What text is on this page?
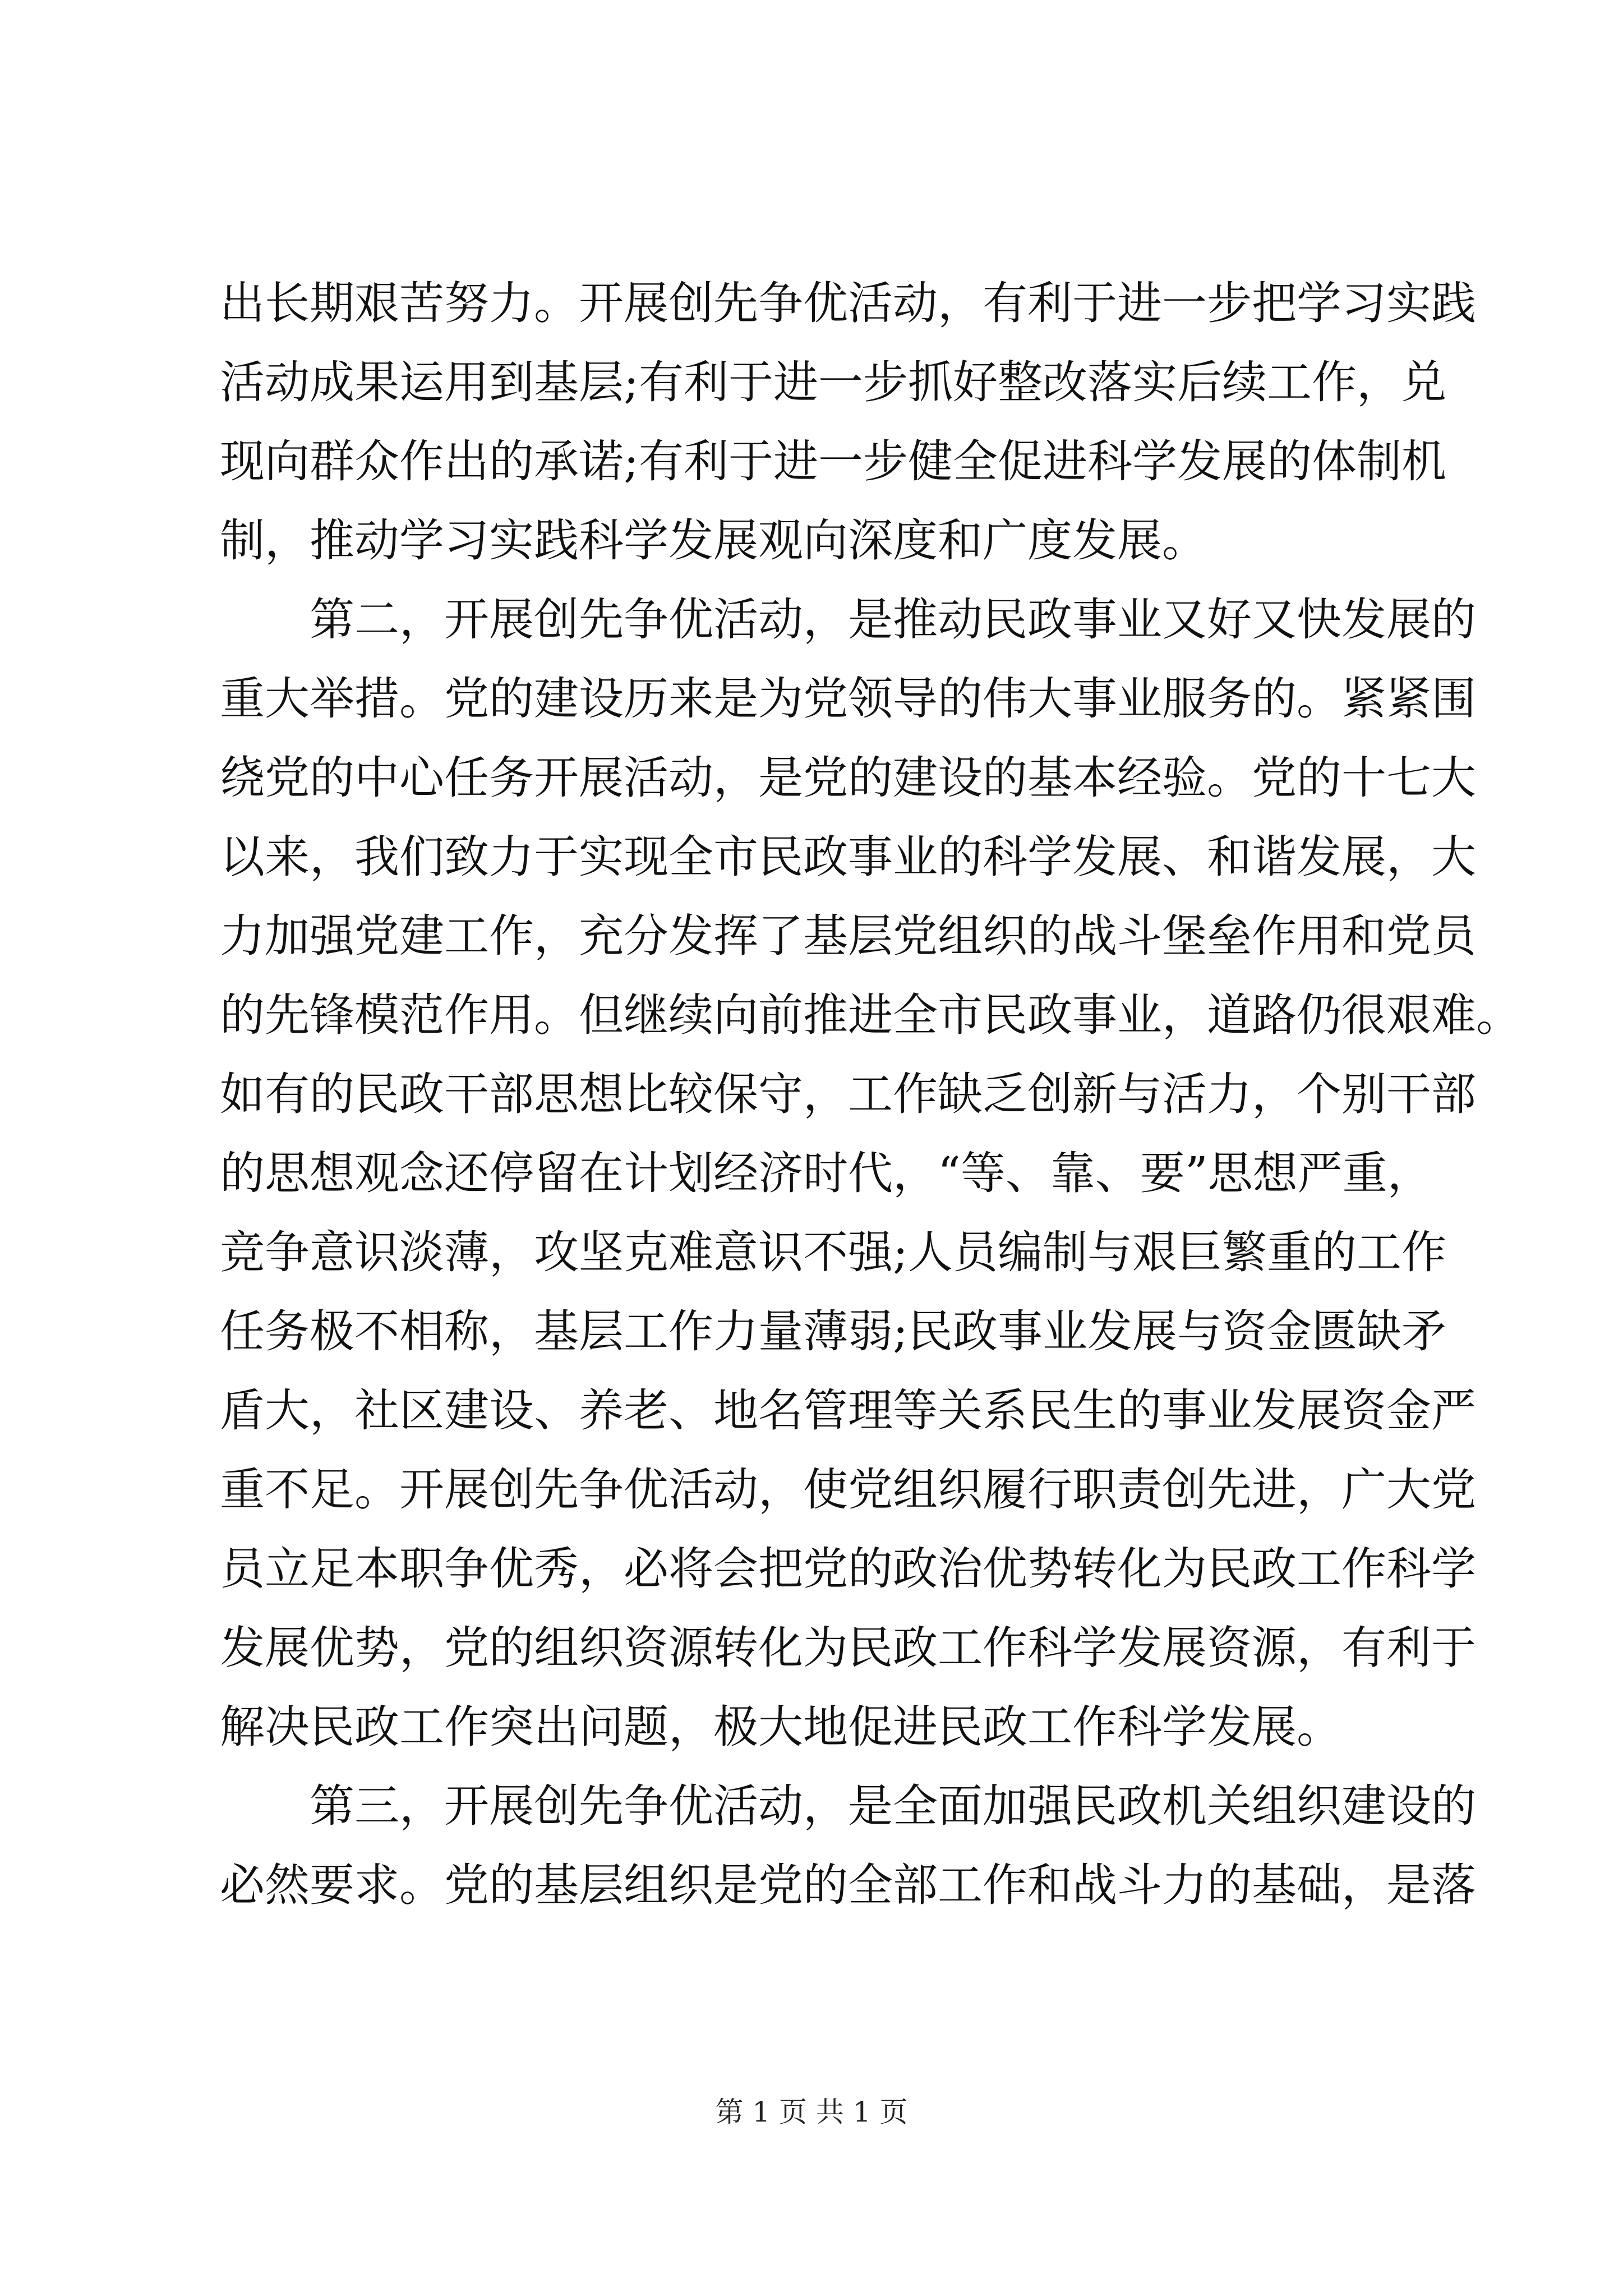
出长期艰苦努力。开展创先争优活动，有利于进一步把学习实践
活动成果运用到基层;有利于进一步抓好整改落实后续工作，兑
现向群众作出的承诺;有利于进一步健全促进科学发展的体制机
制，推动学习实践科学发展观向深度和广度发展。
　　第二，开展创先争优活动，是推动民政事业又好又快发展的
重大举措。党的建设历来是为党领导的伟大事业服务的。紧紧围
绕党的中心任务开展活动，是党的建设的基本经验。党的十七大
以来，我们致力于实现全市民政事业的科学发展、和谐发展，大
力加强党建工作，充分发挥了基层党组织的战斗堡垒作用和党员
的先锋模范作用。但继续向前推进全市民政事业，道路仍很艰难。
如有的民政干部思想比较保守，工作缺乏创新与活力，个别干部
的思想观念还停留在计划经济时代，“等、靠、要”思想严重，
竞争意识淡薄，攻坚克难意识不强;人员编制与艰巨繁重的工作
任务极不相称，基层工作力量薄弱;民政事业发展与资金匮缺矛
盾大，社区建设、养老、地名管理等关系民生的事业发展资金严
重不足。开展创先争优活动，使党组织履行职责创先进，广大党
员立足本职争优秀，必将会把党的政治优势转化为民政工作科学
发展优势，党的组织资源转化为民政工作科学发展资源，有利于
解决民政工作突出问题，极大地促进民政工作科学发展。
　　第三，开展创先争优活动，是全面加强民政机关组织建设的
必然要求。党的基层组织是党的全部工作和战斗力的基础，是落
第 1 页 共 1 页
